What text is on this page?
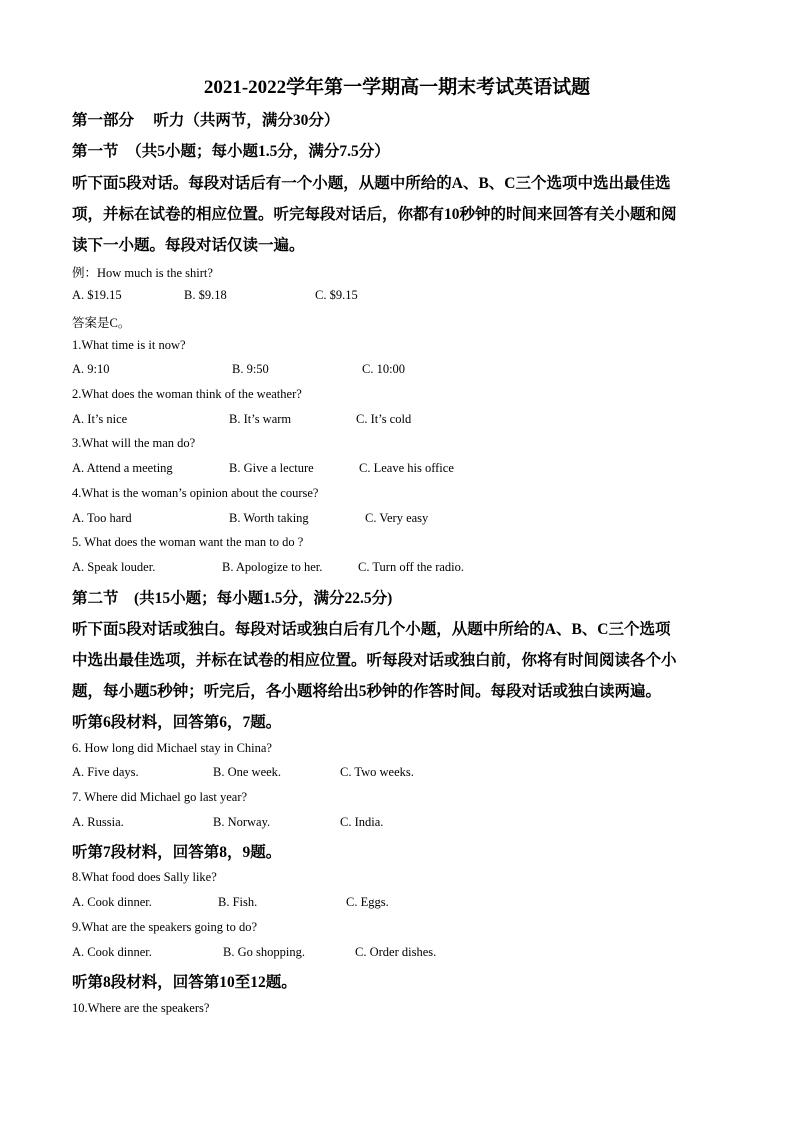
2021-2022学年第一学期高一期末考试英语试题
第一部分　 听力（共两节，满分30分）
第一节　（共5小题；每小题1.5分，满分7.5分）
听下面5段对话。每段对话后有一个小题，从题中所给的A、B、C三个选项中选出最佳选
项，并标在试卷的相应位置。听完每段对话后，你都有10秒钟的时间来回答有关小题和阅
读下一小题。每段对话仅读一遍。
例：How much is the shirt?
A. $19.15	B. $9.18	C. $9.15
答案是C。
1.What time is it now?
A. 9:10	B. 9:50	C. 10:00
2.What does the woman think of the weather?
A. It’s nice	B. It’s warm	C. It’s cold
3.What will the man do?
A. Attend a meeting	B. Give a lecture	C. Leave his office
4.What is the woman’s opinion about the course?
A. Too hard	B. Worth taking	C. Very easy
5. What does the woman want the man to do ?
A. Speak louder.	B. Apologize to her.	C. Turn off the radio.
第二节　(共15小题；每小题1.5分，满分22.5分)
听下面5段对话或独白。每段对话或独白后有几个小题，从题中所给的A、B、C三个选项
中选出最佳选项，并标在试卷的相应位置。听每段对话或独白前，你将有时间阅读各个小
题，每小题5秒钟；听完后，各小题将给出5秒钟的作答时间。每段对话或独白读两遍。
听第6段材料，回答第6，7题。
6. How long did Michael stay in China?
A. Five days.	B. One week.	C. Two weeks.
7. Where did Michael go last year?
A. Russia.	B. Norway.	C. India.
听第7段材料，回答第8，9题。
8.What food does Sally like?
A. Cook dinner.	B. Fish.	C. Eggs.
9.What are the speakers going to do?
A. Cook dinner.	B. Go shopping.	C. Order dishes.
听第8段材料，回答第10至12题。
10.Where are the speakers?
